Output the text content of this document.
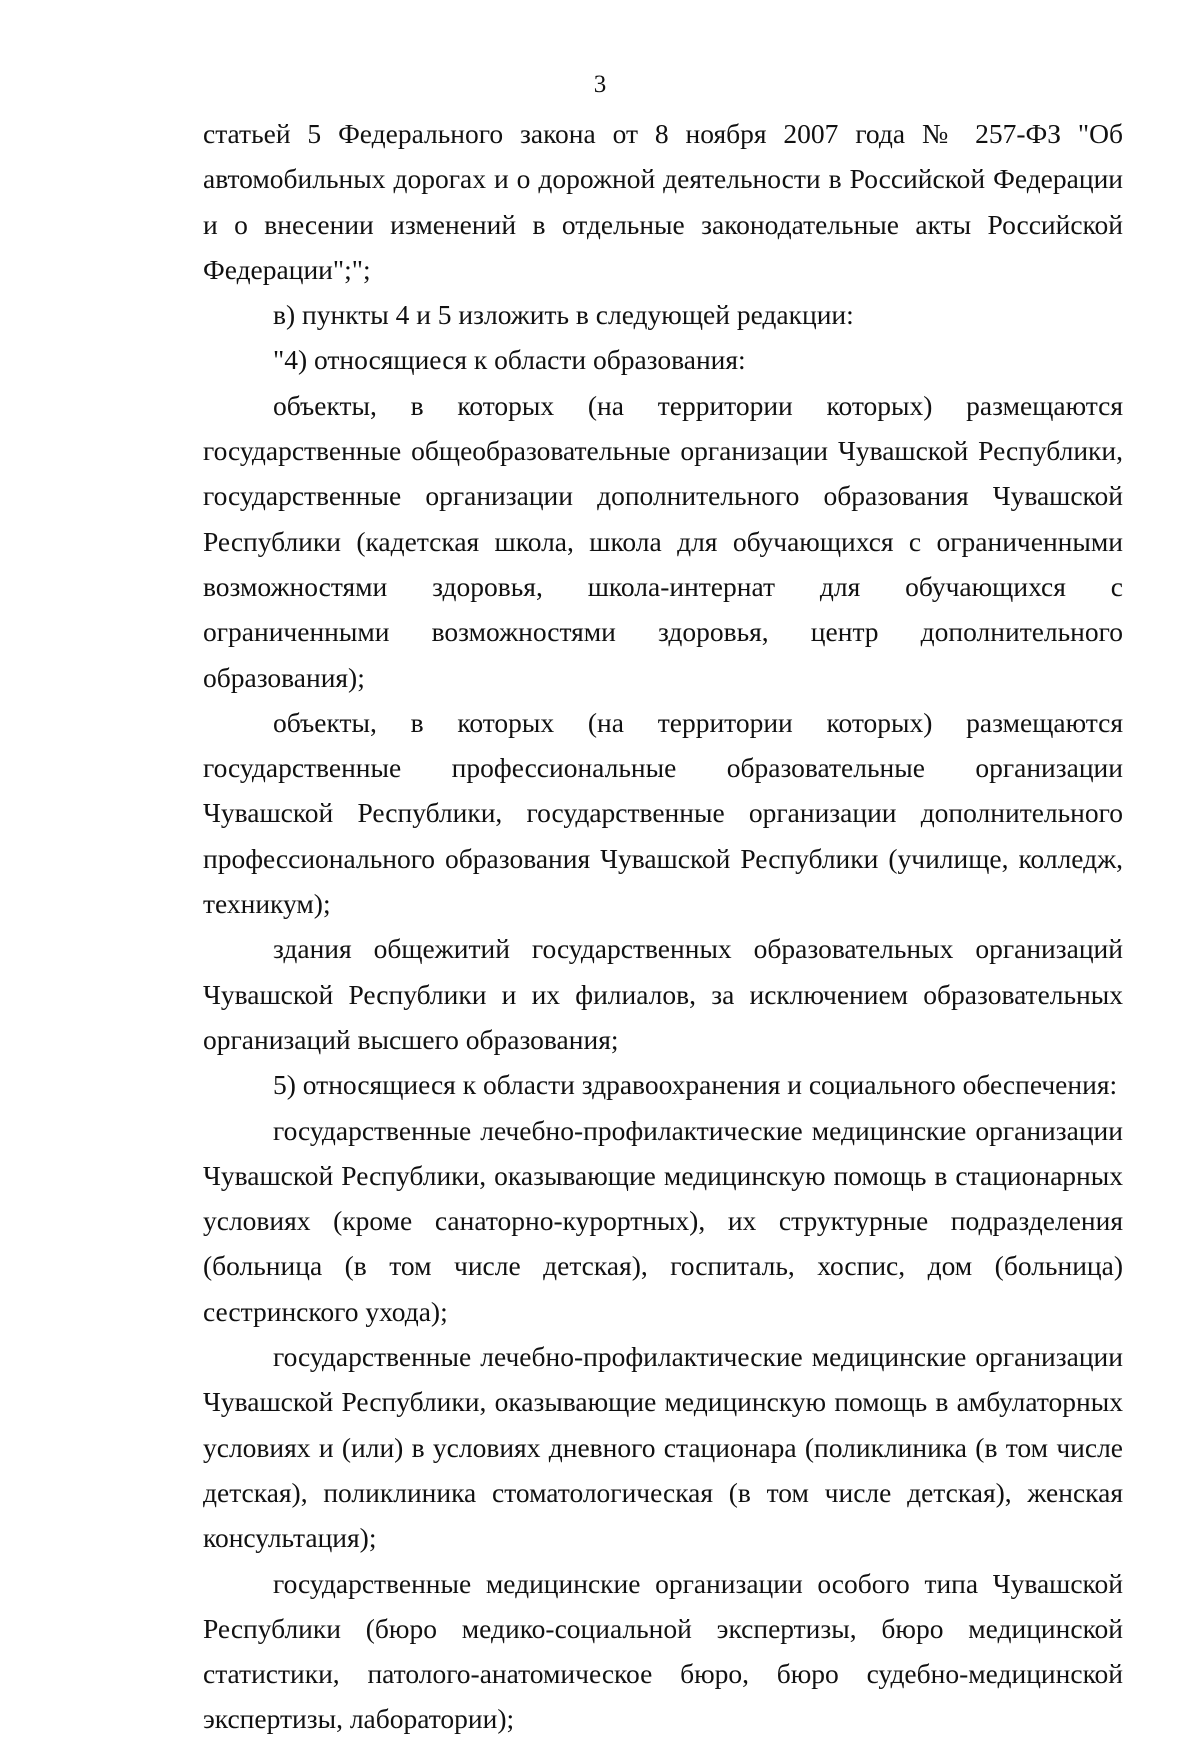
3

статьей 5 Федерального закона от 8 ноября 2007 года № 257-ФЗ "Об автомобильных дорогах и о дорожной деятельности в Российской Федерации и о внесении изменений в отдельные законодательные акты Российской Федерации";";

в) пункты 4 и 5 изложить в следующей редакции:

"4) относящиеся к области образования:

объекты, в которых (на территории которых) размещаются государственные общеобразовательные организации Чувашской Республики, государственные организации дополнительного образования Чувашской Республики (кадетская школа, школа для обучающихся с ограниченными возможностями здоровья, школа-интернат для обучающихся с ограниченными возможностями здоровья, центр дополнительного образования);

объекты, в которых (на территории которых) размещаются государственные профессиональные образовательные организации Чувашской Республики, государственные организации дополнительного профессионального образования Чувашской Республики (училище, колледж, техникум);

здания общежитий государственных образовательных организаций Чувашской Республики и их филиалов, за исключением образовательных организаций высшего образования;

5) относящиеся к области здравоохранения и социального обеспечения:

государственные лечебно-профилактические медицинские организации Чувашской Республики, оказывающие медицинскую помощь в стационарных условиях (кроме санаторно-курортных), их структурные подразделения (больница (в том числе детская), госпиталь, хоспис, дом (больница) сестринского ухода);

государственные лечебно-профилактические медицинские организации Чувашской Республики, оказывающие медицинскую помощь в амбулаторных условиях и (или) в условиях дневного стационара (поликлиника (в том числе детская), поликлиника стоматологическая (в том числе детская), женская консультация);

государственные медицинские организации особого типа Чувашской Республики (бюро медико-социальной экспертизы, бюро медицинской статистики, патолого-анатомическое бюро, бюро судебно-медицинской экспертизы, лаборатории);
